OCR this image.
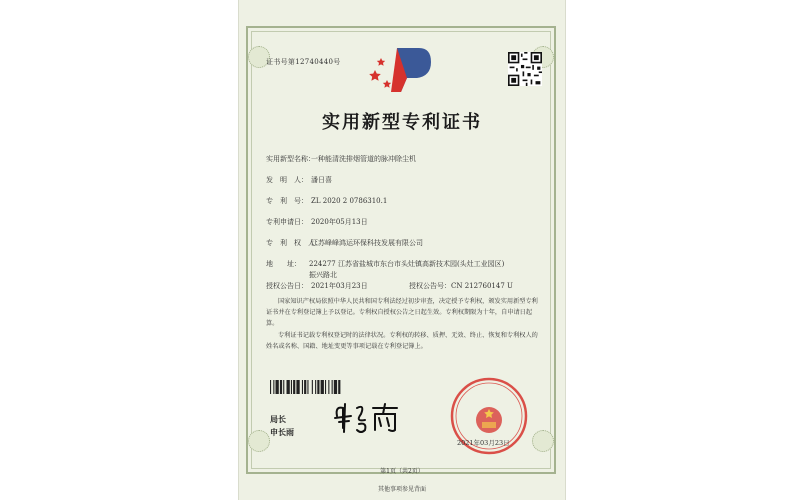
证书号第12740440号
实用新型专利证书
实用新型名称：一种能清洗排烟管道的脉冲除尘机
发　明　人： 潘日喜
专　利　号： ZL 2020 2 0786310.1
专利申请日： 2020年05月13日
专　利　权　人：江苏峰峰鸿运环保科技发展有限公司
地　　址： 224277 江苏省盐城市东台市头灶镇高新技术园(头灶工业园区)振兴路北
授权公告日： 2021年03月23日	授权公告号：CN 212760147 U

国家知识产权局依照中华人民共和国专利法经过初步审查，决定授予专利权，颁发实用新型专利证书并在专利登记簿上予以登记。专利权自授权公告之日起生效。专利权期限为十年，自申请日起算。

专利证书记载专利权登记时的法律状况。专利权的转移、质押、无效、终止、恢复和专利权人的姓名或名称、国籍、地址变更等事项记载在专利登记簿上。

局长
申长雨
2021年03月23日
第1页（共2页）
其他事项参见背面
